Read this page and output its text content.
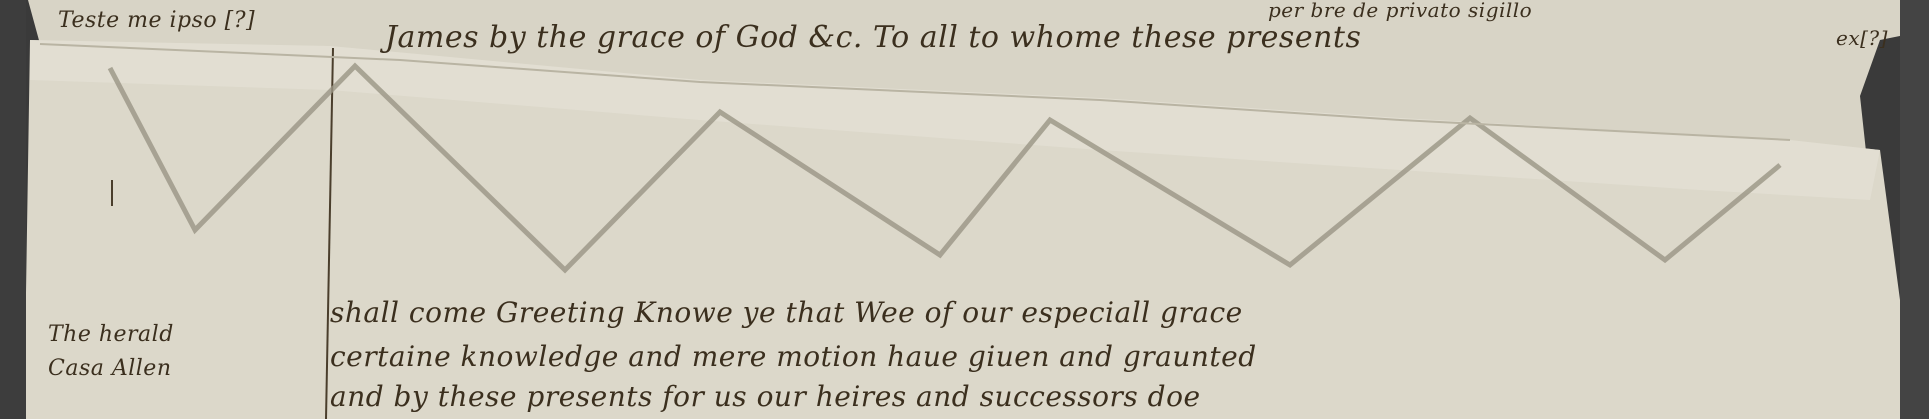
Teste me ipso [?]	James by the grace of God &c. To all to whome these presents
per bre de privato sigillo
ex[?]
The herald
Casa Allen
shall come Greeting Knowe ye that Wee of our especiall grace
certaine knowledge and mere motion haue giuen and graunted
and by these presents for us our heires and successors doe
